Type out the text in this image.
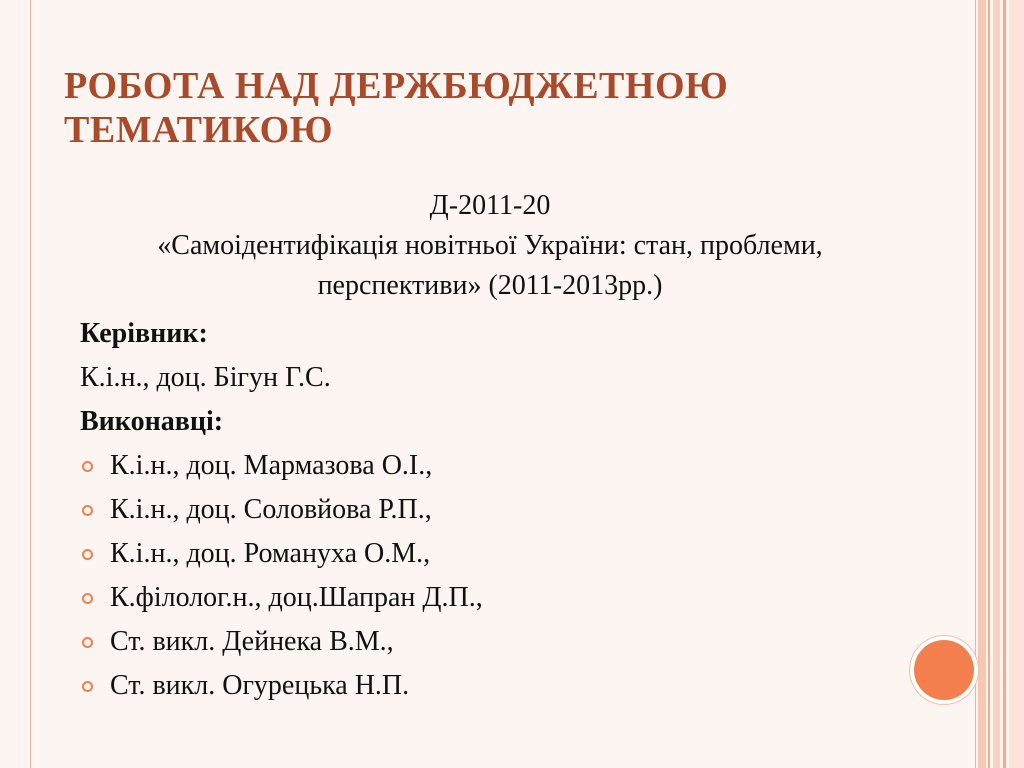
РОБОТА НАД ДЕРЖБЮДЖЕТНОЮ ТЕМАТИКОЮ
Д-2011-20
«Самоідентифікація новітньої України: стан, проблеми, перспективи» (2011-2013рр.)
Керівник:
К.і.н., доц. Бігун Г.С.
Виконавці:
К.і.н., доц. Мармазова О.І.,
К.і.н., доц. Соловйова Р.П.,
К.і.н., доц. Романуха О.М.,
К.філолог.н., доц.Шапран Д.П.,
Ст. викл. Дейнека В.М.,
Ст. викл. Огурецька Н.П.
